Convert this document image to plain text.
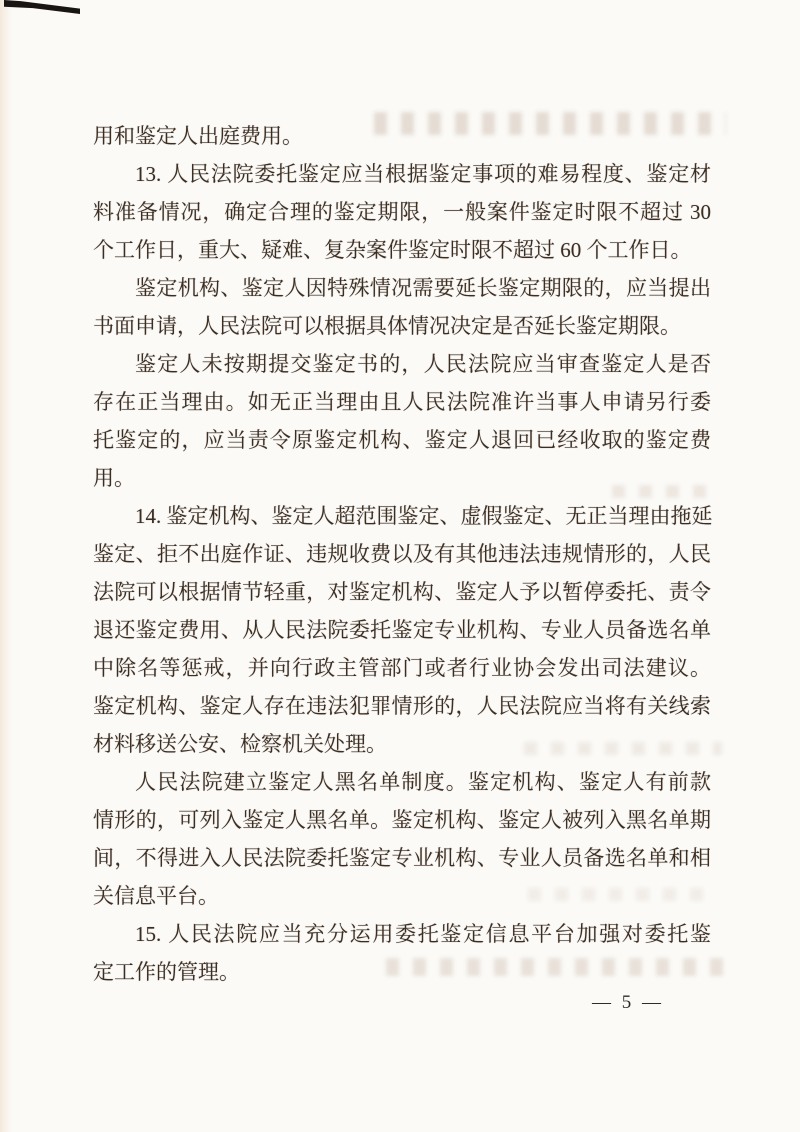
用和鉴定人出庭费用。
13. 人民法院委托鉴定应当根据鉴定事项的难易程度、鉴定材
料准备情况，确定合理的鉴定期限，一般案件鉴定时限不超过 30
个工作日，重大、疑难、复杂案件鉴定时限不超过 60 个工作日。
鉴定机构、鉴定人因特殊情况需要延长鉴定期限的，应当提出
书面申请，人民法院可以根据具体情况决定是否延长鉴定期限。
鉴定人未按期提交鉴定书的，人民法院应当审查鉴定人是否
存在正当理由。如无正当理由且人民法院准许当事人申请另行委
托鉴定的，应当责令原鉴定机构、鉴定人退回已经收取的鉴定费
用。
14. 鉴定机构、鉴定人超范围鉴定、虚假鉴定、无正当理由拖延
鉴定、拒不出庭作证、违规收费以及有其他违法违规情形的，人民
法院可以根据情节轻重，对鉴定机构、鉴定人予以暂停委托、责令
退还鉴定费用、从人民法院委托鉴定专业机构、专业人员备选名单
中除名等惩戒，并向行政主管部门或者行业协会发出司法建议。
鉴定机构、鉴定人存在违法犯罪情形的，人民法院应当将有关线索
材料移送公安、检察机关处理。
人民法院建立鉴定人黑名单制度。鉴定机构、鉴定人有前款
情形的，可列入鉴定人黑名单。鉴定机构、鉴定人被列入黑名单期
间，不得进入人民法院委托鉴定专业机构、专业人员备选名单和相
关信息平台。
15. 人民法院应当充分运用委托鉴定信息平台加强对委托鉴
定工作的管理。
— 5 —
